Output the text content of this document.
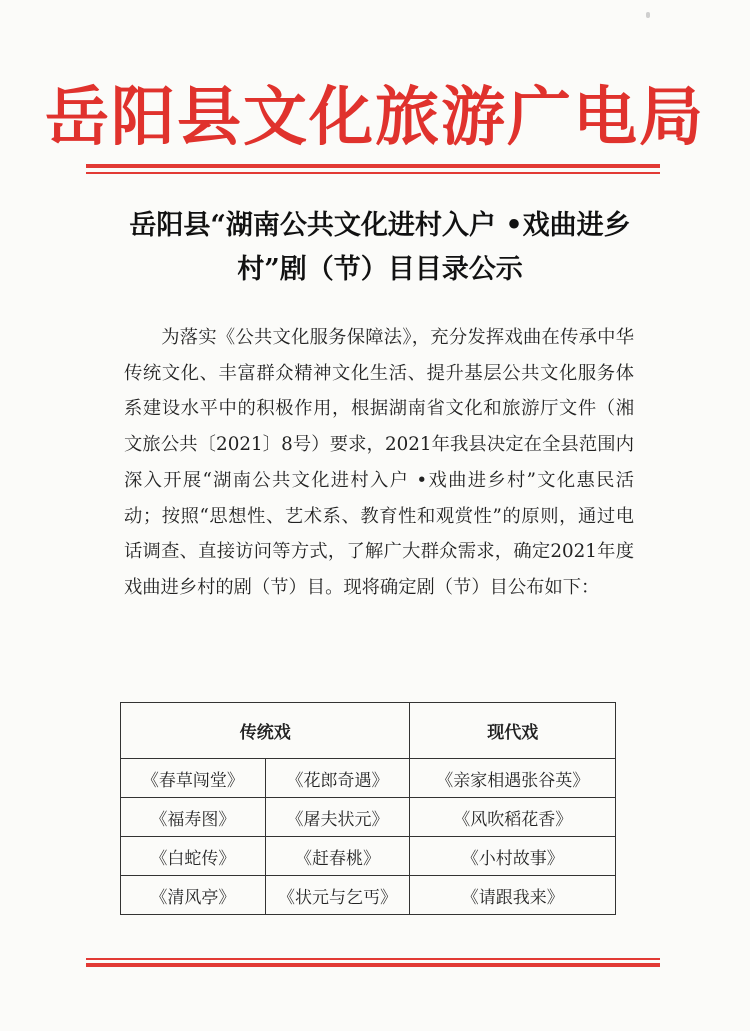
岳阳县文化旅游广电局
岳阳县“湖南公共文化进村入户 •戏曲进乡
村”剧（节）目目录公示

为落实《公共文化服务保障法》，充分发挥戏曲在传承中华传统文化、丰富群众精神文化生活、提升基层公共文化服务体系建设水平中的积极作用，根据湖南省文化和旅游厅文件（湘文旅公共〔2021〕8号）要求，2021年我县决定在全县范围内深入开展“湖南公共文化进村入户 •戏曲进乡村”文化惠民活动；按照“思想性、艺术系、教育性和观赏性”的原则，通过电话调查、直接访问等方式，了解广大群众需求，确定2021年度戏曲进乡村的剧（节）目。现将确定剧（节）目公布如下：

传统戏		现代戏
《春草闯堂》	《花郎奇遇》	《亲家相遇张谷英》
《福寿图》	《屠夫状元》	《风吹稻花香》
《白蛇传》	《赶春桃》	《小村故事》
《清风亭》	《状元与乞丐》	《请跟我来》
